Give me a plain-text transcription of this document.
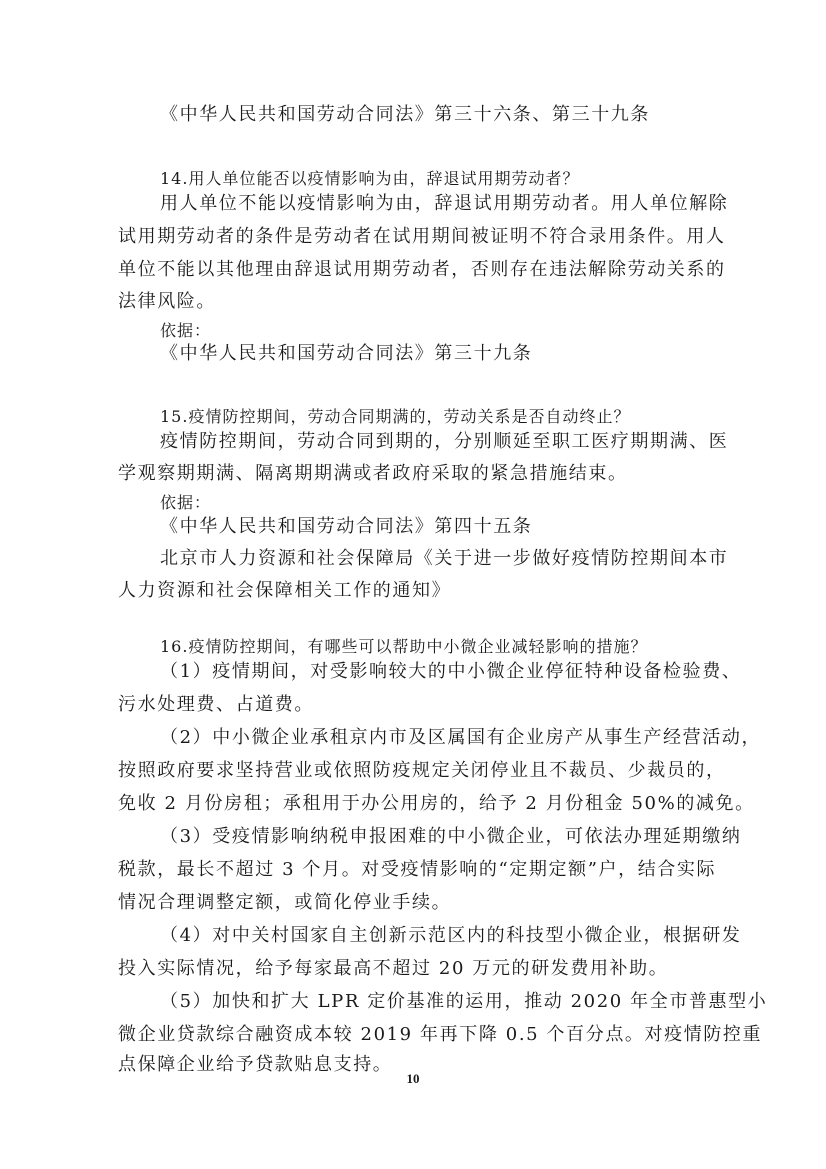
《中华人民共和国劳动合同法》第三十六条、第三十九条
14.用人单位能否以疫情影响为由，辞退试用期劳动者？
用人单位不能以疫情影响为由，辞退试用期劳动者。用人单位解除
试用期劳动者的条件是劳动者在试用期间被证明不符合录用条件。用人
单位不能以其他理由辞退试用期劳动者，否则存在违法解除劳动关系的
法律风险。
依据：
《中华人民共和国劳动合同法》第三十九条
15.疫情防控期间，劳动合同期满的，劳动关系是否自动终止？
疫情防控期间，劳动合同到期的，分别顺延至职工医疗期期满、医
学观察期期满、隔离期期满或者政府采取的紧急措施结束。
依据：
《中华人民共和国劳动合同法》第四十五条
北京市人力资源和社会保障局《关于进一步做好疫情防控期间本市
人力资源和社会保障相关工作的通知》
16.疫情防控期间，有哪些可以帮助中小微企业减轻影响的措施？
（1）疫情期间，对受影响较大的中小微企业停征特种设备检验费、
污水处理费、占道费。
（2）中小微企业承租京内市及区属国有企业房产从事生产经营活动，
按照政府要求坚持营业或依照防疫规定关闭停业且不裁员、少裁员的，
免收 2 月份房租；承租用于办公用房的，给予 2 月份租金 50%的减免。
（3）受疫情影响纳税申报困难的中小微企业，可依法办理延期缴纳
税款，最长不超过 3 个月。对受疫情影响的“定期定额”户，结合实际
情况合理调整定额，或简化停业手续。
（4）对中关村国家自主创新示范区内的科技型小微企业，根据研发
投入实际情况，给予每家最高不超过 20 万元的研发费用补助。
（5）加快和扩大 LPR 定价基准的运用，推动 2020 年全市普惠型小
微企业贷款综合融资成本较 2019 年再下降 0.5 个百分点。对疫情防控重
点保障企业给予贷款贴息支持。
10
